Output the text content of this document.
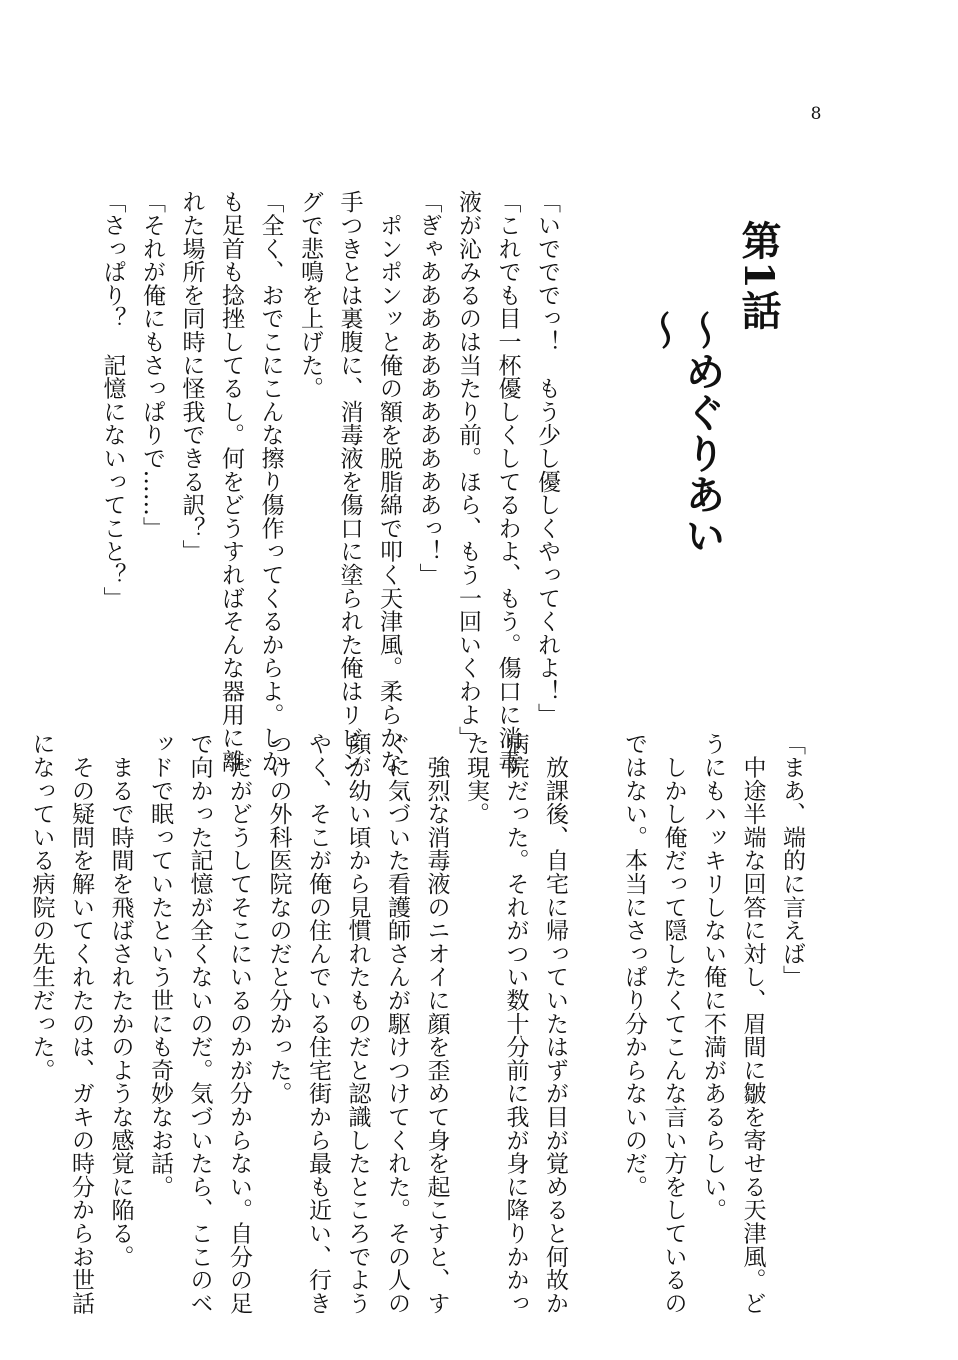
8
第1話
～めぐりあい～
「いでででっ！　もう少し優しくやってくれよ！」
「これでも目一杯優しくしてるわよ、もう。傷口に消毒
液が沁みるのは当たり前。ほら、もう一回いくわよ」
「ぎゃあああああああああああっ！」
　ポンポンッと俺の額を脱脂綿で叩く天津風。柔らかな
手つきとは裏腹に、消毒液を傷口に塗られた俺はリビン
グで悲鳴を上げた。
「全く、おでこにこんな擦り傷作ってくるからよ。しか
も足首も捻挫してるし。何をどうすればそんな器用に離
れた場所を同時に怪我できる訳？」
「それが俺にもさっぱりで……」
「さっぱり？　記憶にないってこと？」
「まあ、端的に言えば」
　中途半端な回答に対し、眉間に皺を寄せる天津風。ど
うにもハッキリしない俺に不満があるらしい。
　しかし俺だって隠したくてこんな言い方をしているの
ではない。本当にさっぱり分からないのだ。

　放課後、自宅に帰っていたはずが目が覚めると何故か
病院だった。それがつい数十分前に我が身に降りかかっ
た現実。
　強烈な消毒液のニオイに顔を歪めて身を起こすと、す
ぐに気づいた看護師さんが駆けつけてくれた。その人の
顔が幼い頃から見慣れたものだと認識したところでよう
やく、そこが俺の住んでいる住宅街から最も近い、行き
つけの外科医院なのだと分かった。
　だがどうしてそこにいるのかが分からない。自分の足
で向かった記憶が全くないのだ。気づいたら、ここのベ
ッドで眠っていたという世にも奇妙なお話。
　まるで時間を飛ばされたかのような感覚に陥る。
　その疑問を解いてくれたのは、ガキの時分からお世話
になっている病院の先生だった。
